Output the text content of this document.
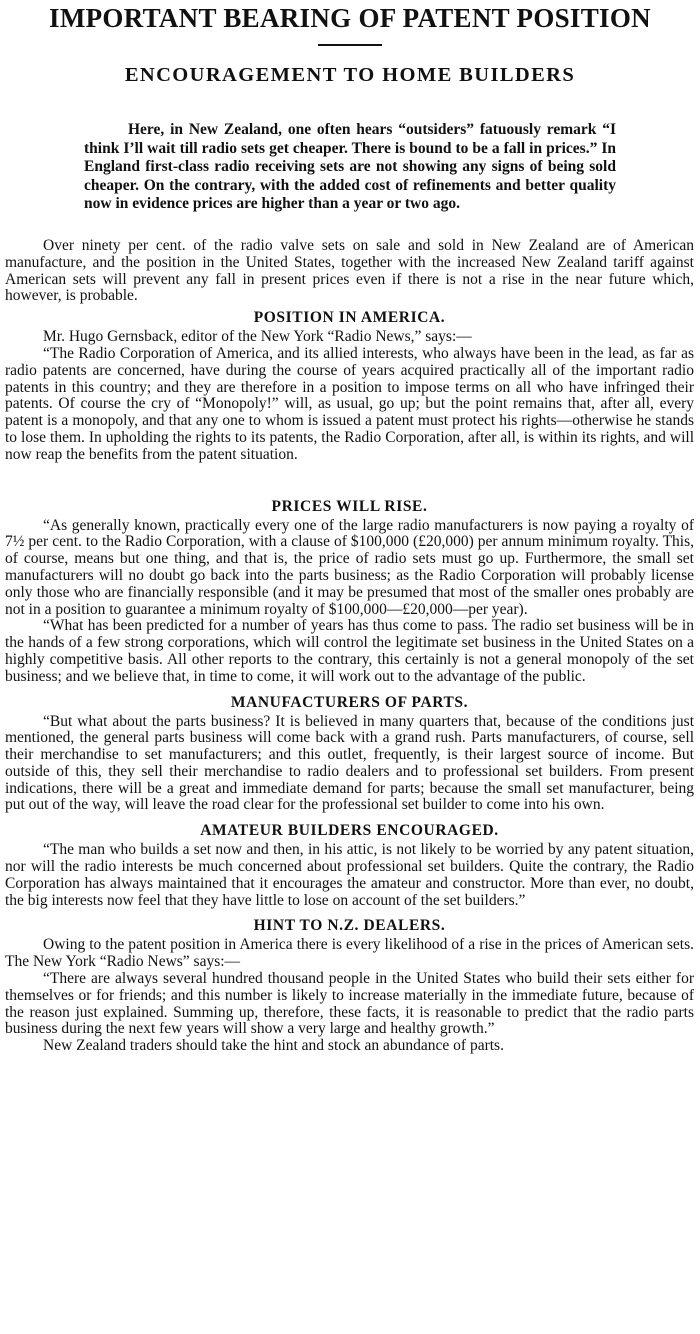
IMPORTANT BEARING OF PATENT POSITION
ENCOURAGEMENT TO HOME BUILDERS

Here, in New Zealand, one often hears “outsiders” fatuously remark “I think I’ll wait till radio sets get cheaper. There is bound to be a fall in prices.” In England first-class radio receiving sets are not showing any signs of being sold cheaper. On the contrary, with the added cost of refinements and better quality now in evidence prices are higher than a year or two ago.

Over ninety per cent. of the radio valve sets on sale and sold in New Zealand are of American manufacture, and the position in the United States, together with the increased New Zealand tariff against American sets will prevent any fall in present prices even if there is not a rise in the near future which, however, is probable.

POSITION IN AMERICA.

Mr. Hugo Gernsback, editor of the New York “Radio News,” says:—

“The Radio Corporation of America, and its allied interests, who always have been in the lead, as far as radio patents are concerned, have during the course of years acquired practically all of the important radio patents in this country; and they are therefore in a position to impose terms on all who have infringed their patents. Of course the cry of “Monopoly!” will, as usual, go up; but the point remains that, after all, every patent is a monopoly, and that any one to whom is issued a patent must protect his rights—otherwise he stands to lose them. In upholding the rights to its patents, the Radio Corporation, after all, is within its rights, and will now reap the benefits from the patent situation.

PRICES WILL RISE.

“As generally known, practically every one of the large radio manufacturers is now paying a royalty of 7½ per cent. to the Radio Corporation, with a clause of $100,000 (£20,000) per annum minimum royalty. This, of course, means but one thing, and that is, the price of radio sets must go up. Furthermore, the small set manufacturers will no doubt go back into the parts business; as the Radio Corporation will probably license only those who are financially responsible (and it may be presumed that most of the smaller ones probably are not in a position to guarantee a minimum royalty of $100,000—£20,000—per year).

“What has been predicted for a number of years has thus come to pass. The radio set business will be in the hands of a few strong corporations, which will control the legitimate set business in the United States on a highly competitive basis. All other reports to the contrary, this certainly is not a general monopoly of the set business; and we believe that, in time to come, it will work out to the advantage of the public.

MANUFACTURERS OF PARTS.

“But what about the parts business? It is believed in many quarters that, because of the conditions just mentioned, the general parts business will come back with a grand rush. Parts manufacturers, of course, sell their merchandise to set manufacturers; and this outlet, frequently, is their largest source of income. But outside of this, they sell their merchandise to radio dealers and to professional set builders. From present indications, there will be a great and immediate demand for parts; because the small set manufacturer, being put out of the way, will leave the road clear for the professional set builder to come into his own.

AMATEUR BUILDERS ENCOURAGED.

“The man who builds a set now and then, in his attic, is not likely to be worried by any patent situation, nor will the radio interests be much concerned about professional set builders. Quite the contrary, the Radio Corporation has always maintained that it encourages the amateur and constructor. More than ever, no doubt, the big interests now feel that they have little to lose on account of the set builders.”

HINT TO N.Z. DEALERS.

Owing to the patent position in America there is every likelihood of a rise in the prices of American sets. The New York “Radio News” says:—

“There are always several hundred thousand people in the United States who build their sets either for themselves or for friends; and this number is likely to increase materially in the immediate future, because of the reason just explained. Summing up, therefore, these facts, it is reasonable to predict that the radio parts business during the next few years will show a very large and healthy growth.”

New Zealand traders should take the hint and stock an abundance of parts.
